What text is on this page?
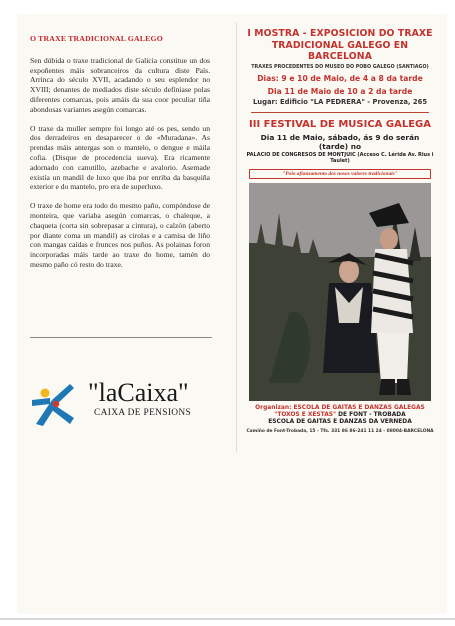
O TRAXE TRADICIONAL GALEGO

Sen dúbida o traxe tradicional de Galicia constitue un dos expoñentes máis sobranceiros da cultura diste País. Arrinca do século XVII, acadando o seu esplendor no XVIII; denantes de mediados diste século defíniase polas diferentes comarcas, pois amáis da sua coor peculiar tiña abondosas variantes asegún comarcas.

O traxe da muller sempre foi longo até os pes, sendo un dos derradeiros en desaparecer o de «Muradana». As prendas máis antergas son o mantelo, o dengue e máila cofia. (Disque de procedencia sueva). Era ricamente adornado con canutillo, azebache e avalorio. Asemade existía un mandil de luxo que iba por enriba da basquiña exterior e do mantelo, pro era de superluxo.

O traxe de home era todo do mesmo paño, compóndose de monteira, que variaba asegún comarcas, o chaleque, a chaqueta (corta sin sobrepasar a cintura), o calzón (aberto por diante coma un mandil) as cirolas e a camisa de liño con mangas caídas e frunces nos puños. As polainas foron incorporadas máis tarde ao traxe do home, tamén do mesmo paño có resto do traxe.

"laCaixa"
CAIXA DE PENSIONS
I MOSTRA - EXPOSICION DO TRAXE
TRADICIONAL GALEGO EN BARCELONA
TRAXES PROCEDENTES DO MUSEO DO POBO GALEGO (SANTIAGO)
Dias: 9 e 10 de Maio, de 4 a 8 da tarde
Dia 11 de Maio de 10 a 2 da tarde
Lugar: Edificio "LA PEDRERA" - Provenza, 265
III FESTIVAL DE MUSICA GALEGA
Dia 11 de Maio, sábado, ás 9 do serán (tarde) no
PALACIO DE CONGRESOS DE MONTJUIC (Acceso C. Lérida Av. Rius i Taulet)
"Polo afianzamento dos nosos valores tradicionais"
Organizan: ESCOLA DE GAITAS E DANZAS GALEGAS
"TOXOS E XESTAS" DE FONT - TROBADA
ESCOLA DE GAITAS E DANZAS DA VERNEDA
Camiño de Font-Trobada, 15 - Tfs. 331 86 86-241 11 24 - 08004-BARCELONA
